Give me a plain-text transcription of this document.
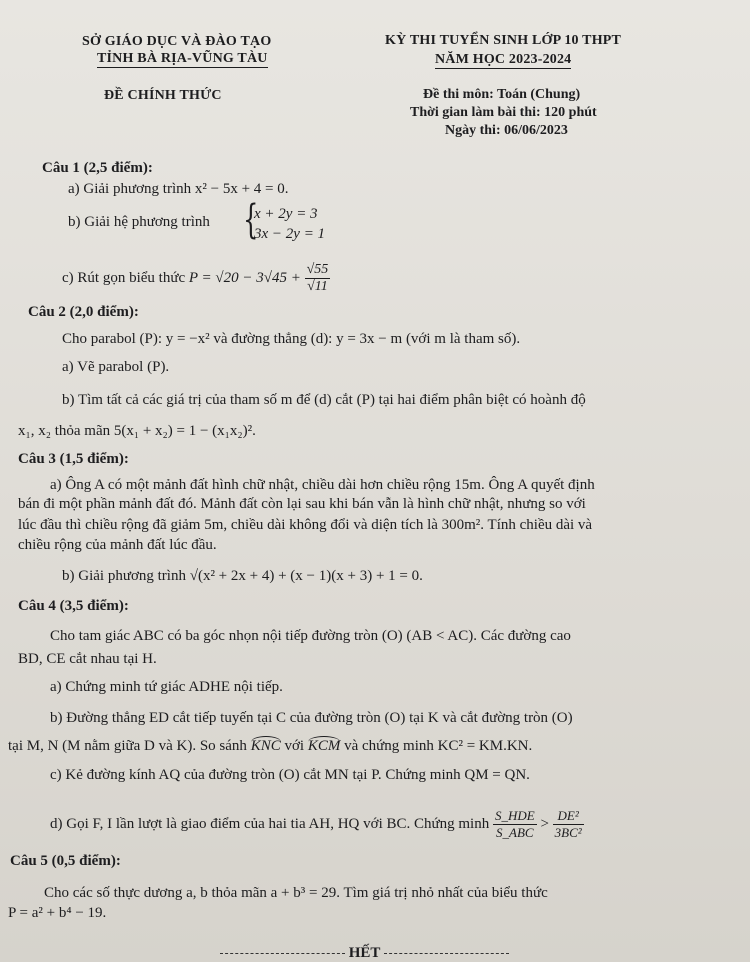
SỞ GIÁO DỤC VÀ ĐÀO TẠO
TỈNH BÀ RỊA-VŨNG TÀU
ĐỀ CHÍNH THỨC
KỲ THI TUYỂN SINH LỚP 10 THPT
NĂM HỌC 2023-2024
Đề thi môn: Toán (Chung)
Thời gian làm bài thi: 120 phút
Ngày thi: 06/06/2023
Câu 1 (2,5 điểm):
a) Giải phương trình x² − 5x + 4 = 0.
b) Giải hệ phương trình {
x + 2y = 3
3x − 2y = 1
c) Rút gọn biểu thức $P = √20 - 3√45 + \frac{√55}{√11}$
Câu 2 (2,0 điểm):
Cho parabol (P): y = −x² và đường thẳng (d): y = 3x − m (với m là tham số).
a) Vẽ parabol (P).
b) Tìm tất cả các giá trị của tham số m để (d) cắt (P) tại hai điểm phân biệt có hoành độ
x₁, x₂ thỏa mãn 5(x₁ + x₂) = 1 − (x₁x₂)².
Câu 3 (1,5 điểm):
a) Ông A có một mảnh đất hình chữ nhật, chiều dài hơn chiều rộng 15m. Ông A quyết định
bán đi một phần mảnh đất đó. Mảnh đất còn lại sau khi bán vẫn là hình chữ nhật, nhưng so với
lúc đầu thì chiều rộng đã giảm 5m, chiều dài không đổi và diện tích là 300m². Tính chiều dài và
chiều rộng của mảnh đất lúc đầu.
b) Giải phương trình √(x² + 2x + 4) + (x − 1)(x + 3) + 1 = 0.
Câu 4 (3,5 điểm):
Cho tam giác ABC có ba góc nhọn nội tiếp đường tròn (O) (AB < AC). Các đường cao
BD, CE cắt nhau tại H.
a) Chứng minh tứ giác ADHE nội tiếp.
b) Đường thẳng ED cắt tiếp tuyến tại C của đường tròn (O) tại K và cắt đường tròn (O)
tại M, N (M nằm giữa D và K). So sánh KNC với KCM và chứng minh KC² = KM.KN.
c) Kẻ đường kính AQ của đường tròn (O) cắt MN tại P. Chứng minh QM = QN.
d) Gọi F, I lần lượt là giao điểm của hai tia AH, HQ với BC. Chứng minh $\frac{\text{S\_HDE}}{\text{S\_ABC}} > \frac{\text{DE²}}{\text{3BC²}}$
Câu 5 (0,5 điểm):
Cho các số thực dương a, b thỏa mãn a + b³ = 29. Tìm giá trị nhỏ nhất của biểu thức
P = a² + b⁴ − 19.
HẾT
